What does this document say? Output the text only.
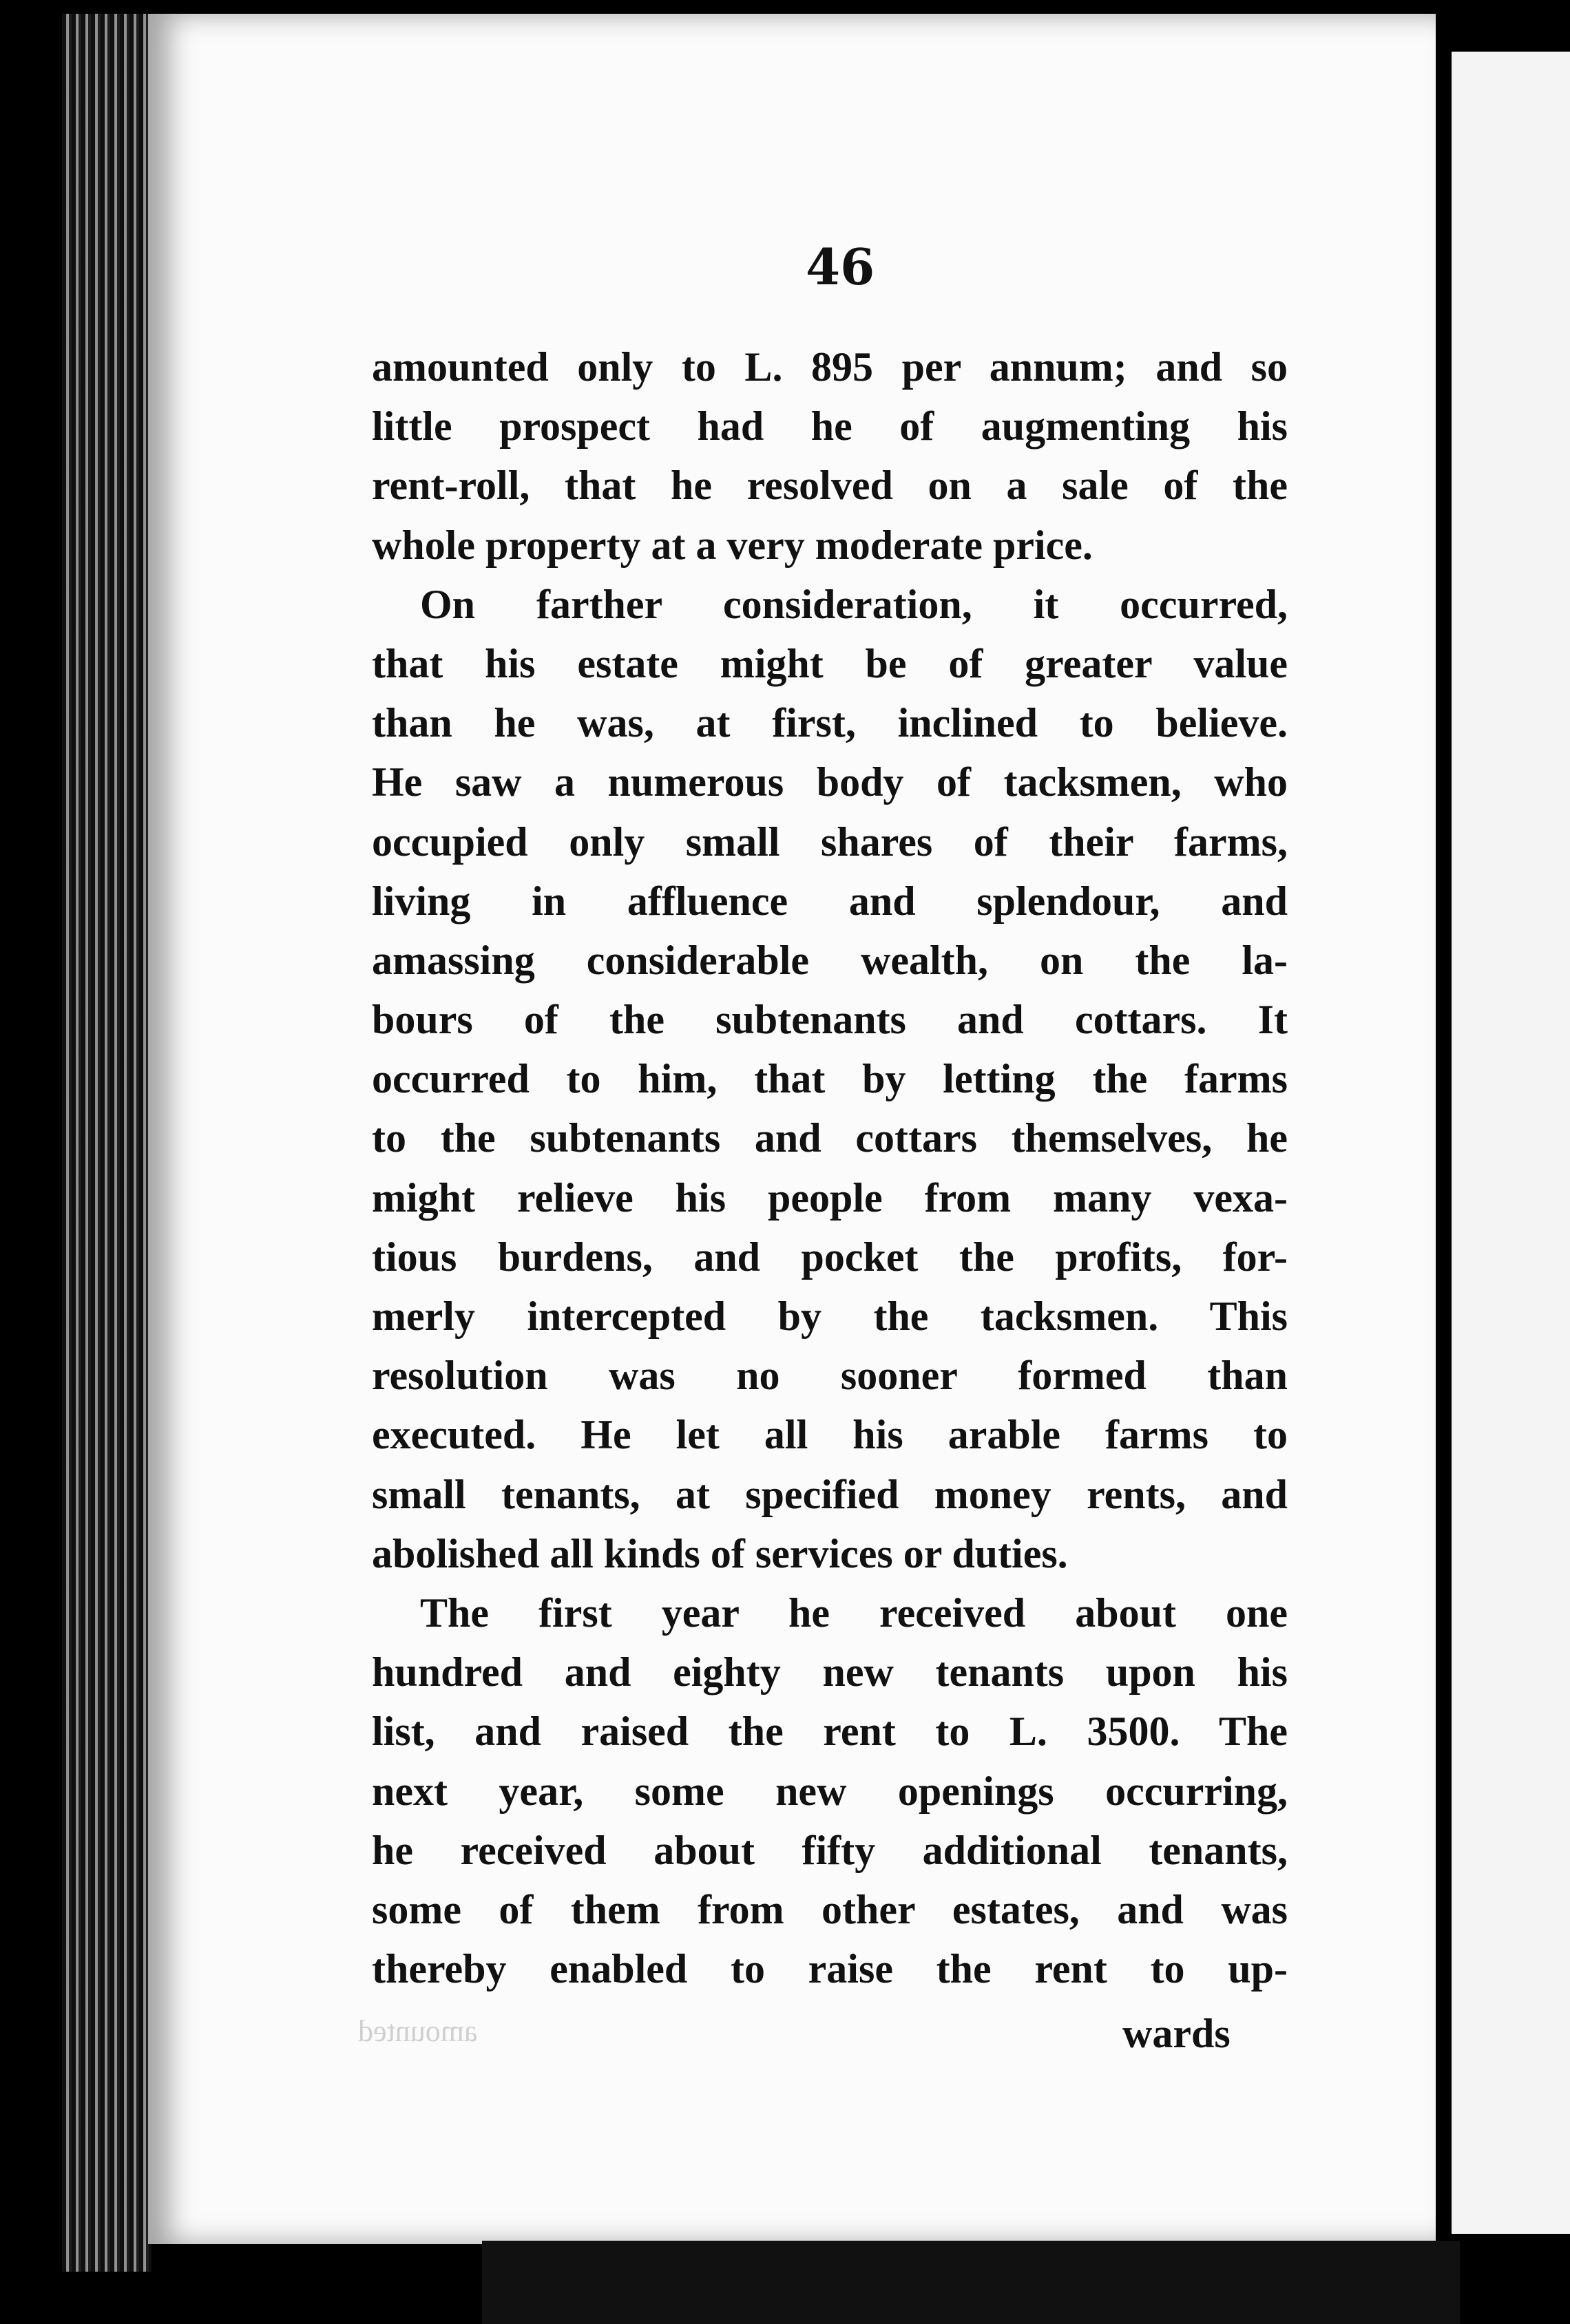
46
amounted only to L. 895 per annum; and so
little prospect had he of augmenting his
rent-roll, that he resolved on a sale of the
whole property at a very moderate price.
On farther consideration, it occurred,
that his estate might be of greater value
than he was, at first, inclined to believe.
He saw a numerous body of tacksmen, who
occupied only small shares of their farms,
living in affluence and splendour, and
amassing considerable wealth, on the la-
bours of the subtenants and cottars. It
occurred to him, that by letting the farms
to the subtenants and cottars themselves, he
might relieve his people from many vexa-
tious burdens, and pocket the profits, for-
merly intercepted by the tacksmen. This
resolution was no sooner formed than
executed. He let all his arable farms to
small tenants, at specified money rents, and
abolished all kinds of services or duties.
The first year he received about one
hundred and eighty new tenants upon his
list, and raised the rent to L. 3500. The
next year, some new openings occurring,
he received about fifty additional tenants,
some of them from other estates, and was
thereby enabled to raise the rent to up-
amounted	wards
